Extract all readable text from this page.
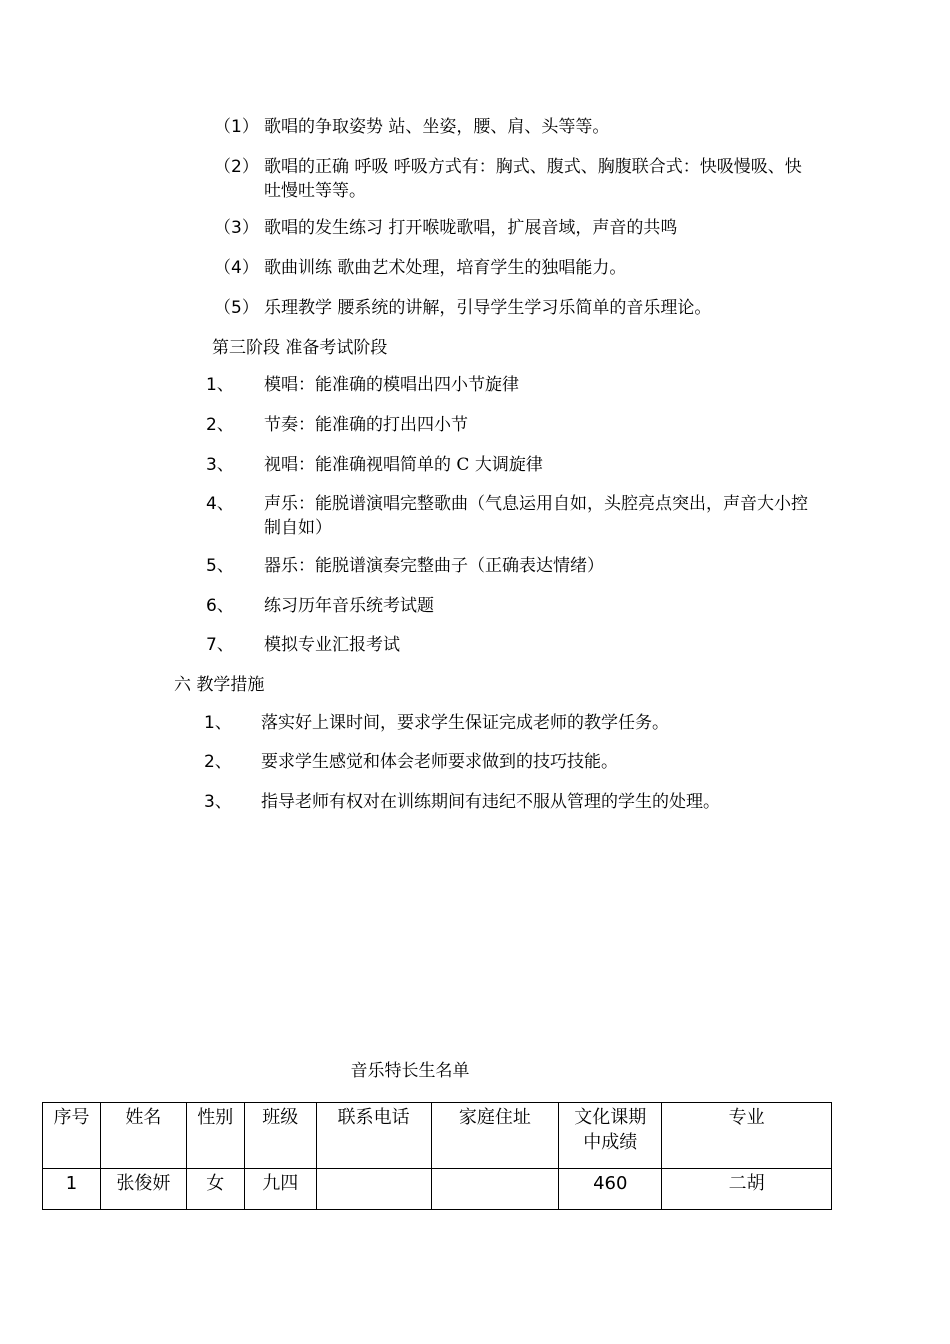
（1） 歌唱的争取姿势 站、坐姿，腰、肩、头等等。
（2） 歌唱的正确 呼吸 呼吸方式有：胸式、腹式、胸腹联合式：快吸慢吸、快吐慢吐等等。
（3） 歌唱的发生练习 打开喉咙歌唱，扩展音域，声音的共鸣
（4） 歌曲训练 歌曲艺术处理，培育学生的独唱能力。
（5） 乐理教学 腰系统的讲解，引导学生学习乐简单的音乐理论。
第三阶段 准备考试阶段
1、 模唱：能准确的模唱出四小节旋律
2、 节奏：能准确的打出四小节
3、 视唱：能准确视唱简单的 C 大调旋律
4、 声乐：能脱谱演唱完整歌曲（气息运用自如，头腔亮点突出，声音大小控制自如）
5、 器乐：能脱谱演奏完整曲子（正确表达情绪）
6、 练习历年音乐统考试题
7、 模拟专业汇报考试
六 教学措施
1、 落实好上课时间，要求学生保证完成老师的教学任务。
2、 要求学生感觉和体会老师要求做到的技巧技能。
3、 指导老师有权对在训练期间有违纪不服从管理的学生的处理。
音乐特长生名单
序号	姓名	性别	班级	联系电话	家庭住址	文化课期中成绩	专业
1	张俊妍	女	九四			460	二胡
